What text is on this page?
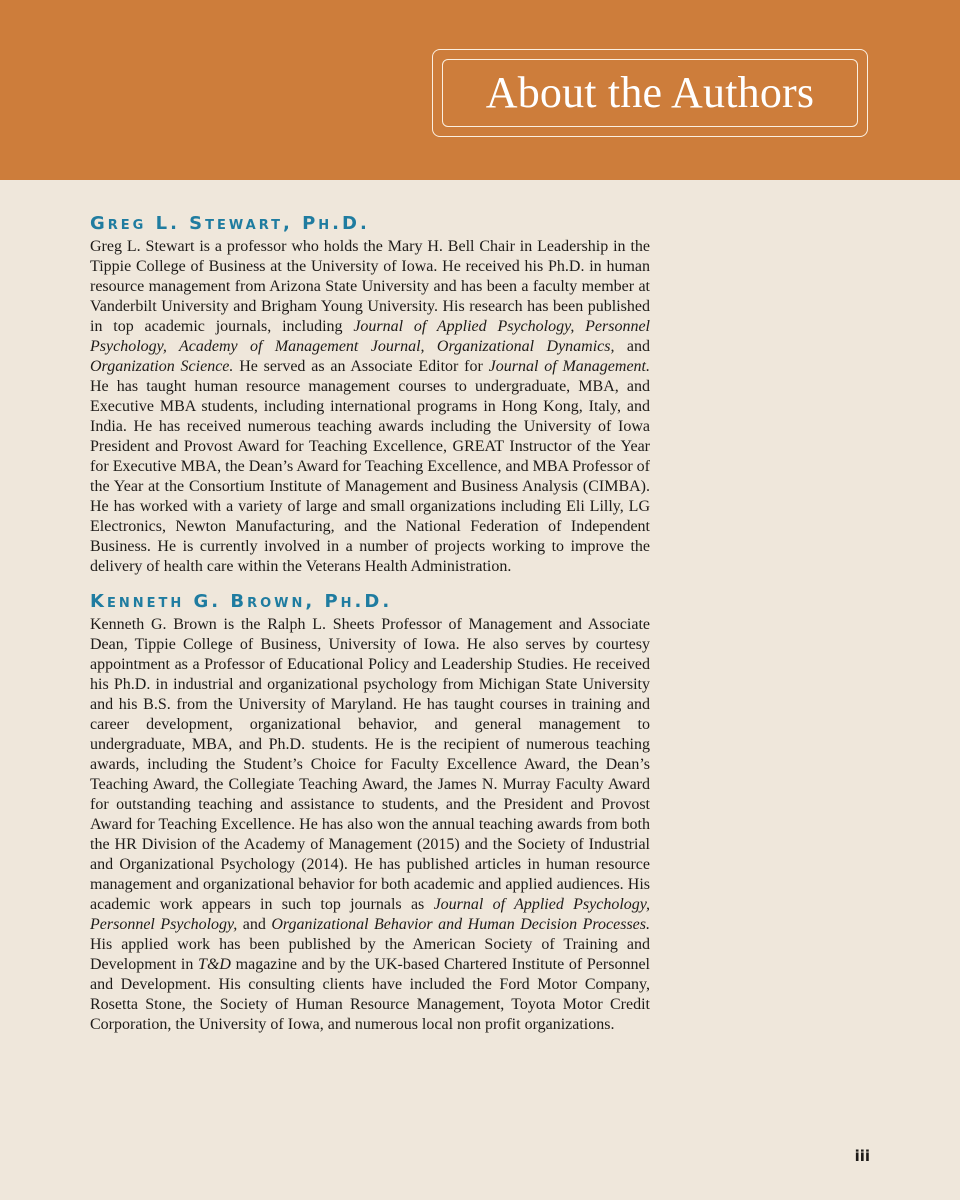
About the Authors
Greg L. Stewart, Ph.D.

Greg L. Stewart is a professor who holds the Mary H. Bell Chair in Leadership in the Tippie College of Business at the University of Iowa. He received his Ph.D. in human resource management from Arizona State University and has been a faculty member at Vanderbilt University and Brigham Young University. His research has been published in top academic journals, including Journal of Applied Psychology, Personnel Psychology, Academy of Management Journal, Organizational Dynamics, and Organization Science. He served as an Associate Editor for Journal of Management. He has taught human resource management courses to undergraduate, MBA, and Executive MBA students, including international programs in Hong Kong, Italy, and India. He has received numerous teaching awards including the University of Iowa President and Provost Award for Teaching Excellence, GREAT Instructor of the Year for Executive MBA, the Dean’s Award for Teaching Excellence, and MBA Professor of the Year at the Consortium Institute of Management and Business Analysis (CIMBA). He has worked with a variety of large and small organizations including Eli Lilly, LG Electronics, Newton Manufacturing, and the National Federation of Independent Business. He is currently involved in a number of projects working to improve the delivery of health care within the Veterans Health Administration.

Kenneth G. Brown, Ph.D.

Kenneth G. Brown is the Ralph L. Sheets Professor of Management and Associate Dean, Tippie College of Business, University of Iowa. He also serves by courtesy appointment as a Professor of Educational Policy and Leadership Studies. He received his Ph.D. in industrial and organizational psychology from Michigan State University and his B.S. from the University of Maryland. He has taught courses in training and career development, organizational behavior, and general management to undergraduate, MBA, and Ph.D. students. He is the recipient of numerous teaching awards, including the Student’s Choice for Faculty Excellence Award, the Dean’s Teaching Award, the Collegiate Teaching Award, the James N. Murray Faculty Award for outstanding teaching and assistance to students, and the President and Provost Award for Teaching Excellence. He has also won the annual teaching awards from both the HR Division of the Academy of Management (2015) and the Society of Industrial and Organizational Psychology (2014). He has published articles in human resource management and organizational behavior for both academic and applied audiences. His academic work appears in such top journals as Journal of Applied Psychology, Personnel Psychology, and Organizational Behavior and Human Decision Processes. His applied work has been published by the American Society of Training and Development in T&D magazine and by the UK-based Chartered Institute of Personnel and Development. His consulting clients have included the Ford Motor Company, Rosetta Stone, the Society of Human Resource Management, Toyota Motor Credit Corporation, the University of Iowa, and numerous local non profit organizations.

iii
